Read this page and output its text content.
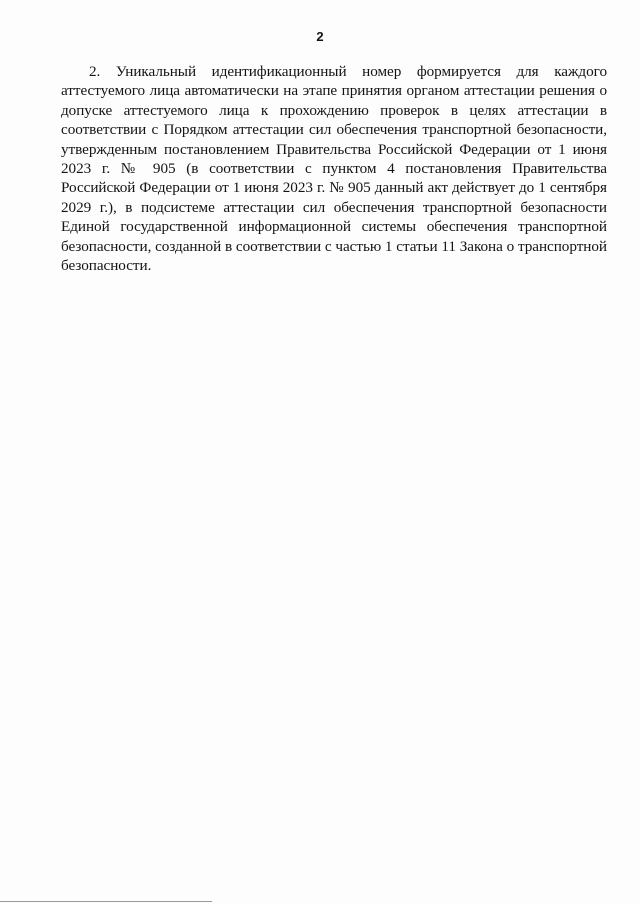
2

2. Уникальный идентификационный номер формируется для каждого аттестуемого лица автоматически на этапе принятия органом аттестации решения о допуске аттестуемого лица к прохождению проверок в целях аттестации в соответствии с Порядком аттестации сил обеспечения транспортной безопасности, утвержденным постановлением Правительства Российской Федерации от 1 июня 2023 г. № 905 (в соответствии с пунктом 4 постановления Правительства Российской Федерации от 1 июня 2023 г. № 905 данный акт действует до 1 сентября 2029 г.), в подсистеме аттестации сил обеспечения транспортной безопасности Единой государственной информационной системы обеспечения транспортной безопасности, созданной в соответствии с частью 1 статьи 11 Закона о транспортной безопасности.
